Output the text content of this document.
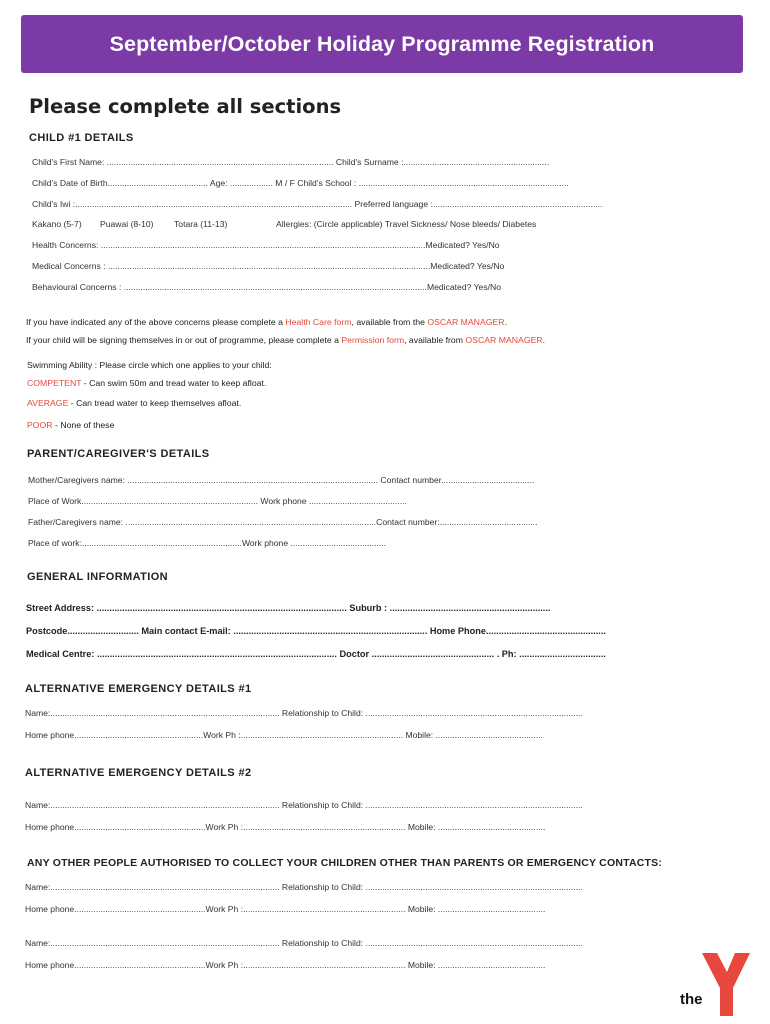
September/October Holiday Programme Registration
Please complete all sections
CHILD #1 DETAILS
Child's First Name: ............................................................................................... Child's Surname :.............................................................
Child's Date of Birth.......................................... Age: .................. M / F Child's School : ........................................................................................
Child's Iwi :.................................................................................................................... Preferred language :.......................................................................
Kakano (5-7) Puawai (8-10) Totara (11-13)	Allergies: (Circle applicable) Travel Sickness/ Nose bleeds/ Diabetes
Health Concerns: ........................................................................................................................................Medicated? Yes/No
Medical Concerns : .......................................................................................................................................Medicated? Yes/No
Behavioural Concerns : ...............................................................................................................................Medicated? Yes/No
If you have indicated any of the above concerns please complete a Health Care form, available from the OSCAR MANAGER.
If your child will be signing themselves in or out of programme, please complete a Permission form, available from OSCAR MANAGER.
Swimming Ability : Please circle which one applies to your child:
COMPETENT - Can swim 50m and tread water to keep afloat.
AVERAGE - Can tread water to keep themselves afloat.
POOR - None of these
PARENT/CAREGIVER'S DETAILS
Mother/Caregivers name: ......................................................................................................... Contact number.......................................
Place of Work.......................................................................... Work phone .........................................
Father/Caregivers name: .........................................................................................................Contact number:.........................................
Place of work:...................................................................Work phone ........................................
GENERAL INFORMATION
Street Address: .................................................................................................. Suburb : ...............................................................
Postcode............................ Main contact E-mail: ............................................................................ Home Phone...............................................
Medical Centre: .............................................................................................. Doctor ................................................ . Ph: ..................................
ALTERNATIVE EMERGENCY DETAILS #1
Name:................................................................................................ Relationship to Child: ...........................................................................................
Home phone......................................................Work Ph :.................................................................... Mobile: .............................................
ALTERNATIVE EMERGENCY DETAILS #2
Name:................................................................................................ Relationship to Child: ...........................................................................................
Home phone.......................................................Work Ph :.................................................................... Mobile: .............................................
ANY OTHER PEOPLE AUTHORISED TO COLLECT YOUR CHILDREN OTHER THAN PARENTS OR EMERGENCY CONTACTS:
Name:................................................................................................ Relationship to Child: ...........................................................................................
Home phone.......................................................Work Ph :.................................................................... Mobile: .............................................
Name:................................................................................................ Relationship to Child: ...........................................................................................
Home phone.......................................................Work Ph :.................................................................... Mobile: .............................................
the
